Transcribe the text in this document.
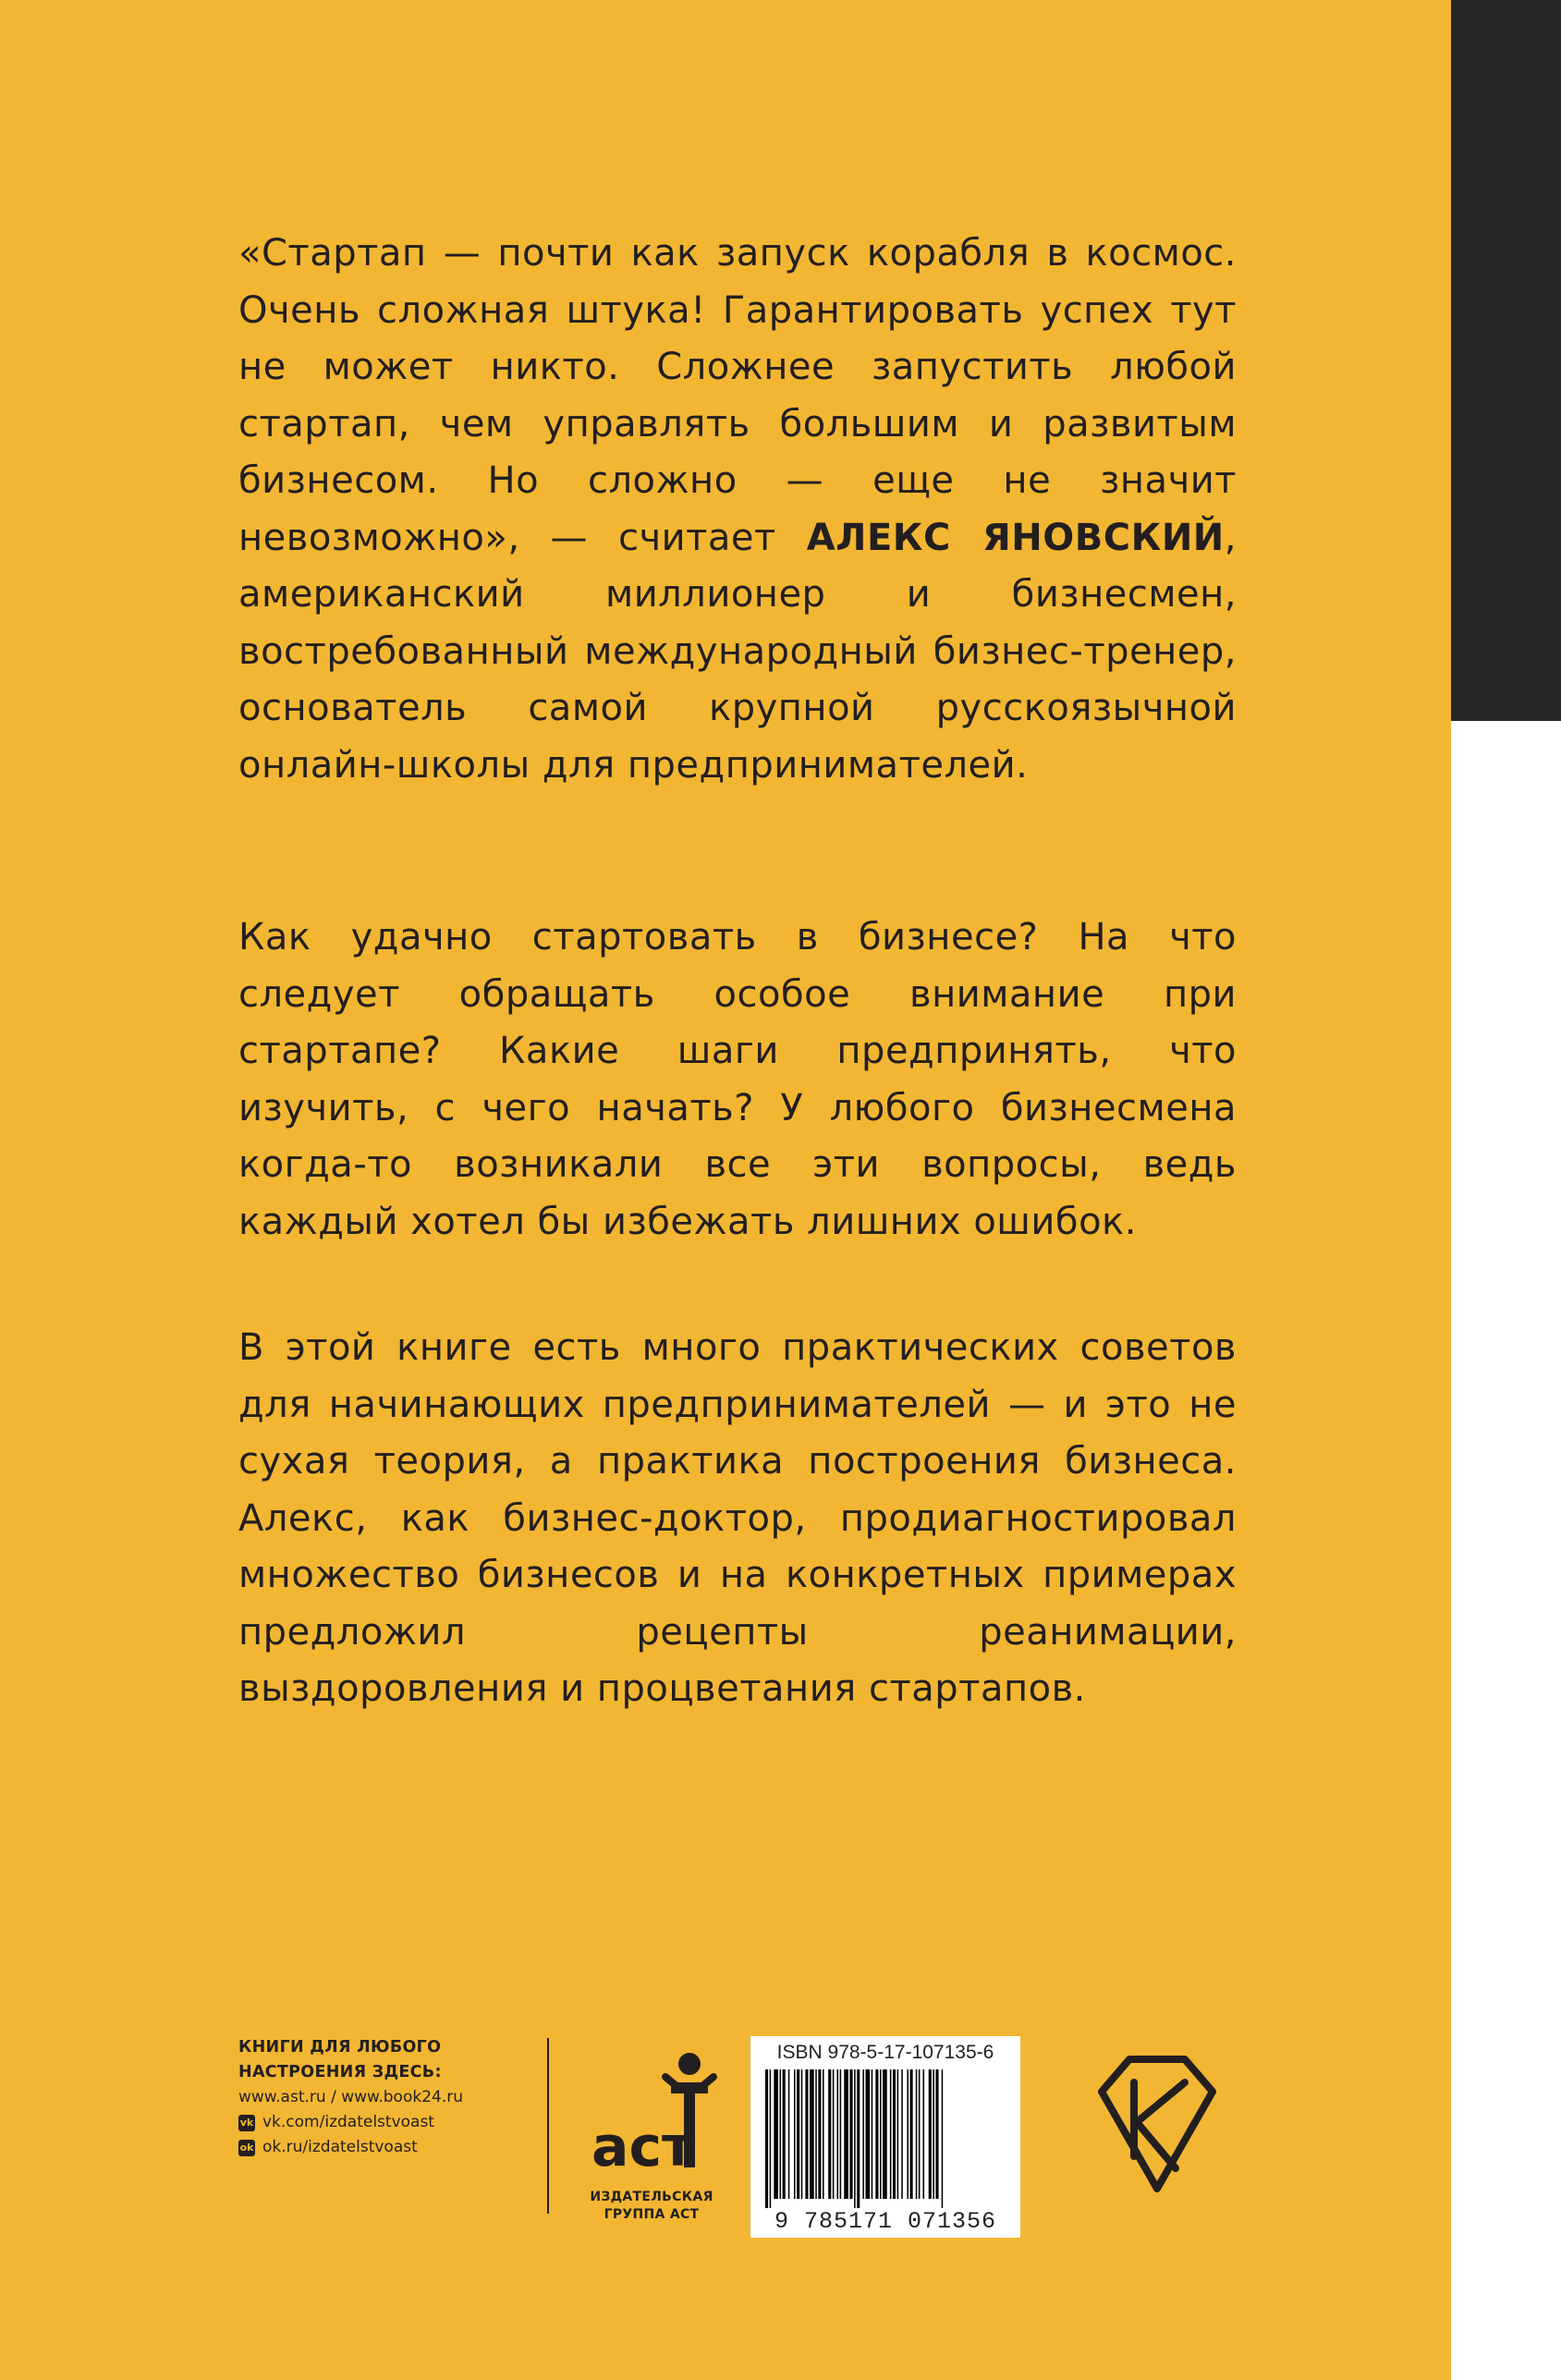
«Стартап — почти как запуск корабля в космос. Очень сложная штука! Гарантировать успех тут не может никто. Сложнее запустить любой стартап, чем управлять большим и развитым бизнесом. Но сложно — еще не значит невозможно», — считает АЛЕКС ЯНОВСКИЙ, американский миллионер и бизнесмен, востребованный международный бизнес-тренер, основатель самой крупной русскоязычной онлайн-школы для предпринимателей.

Как удачно стартовать в бизнесе? На что следует обращать особое внимание при стартапе? Какие шаги предпринять, что изучить, с чего начать? У любого бизнесмена когда-то возникали все эти вопросы, ведь каждый хотел бы избежать лишних ошибок.

В этой книге есть много практических советов для начинающих предпринимателей — и это не сухая теория, а практика построения бизнеса. Алекс, как бизнес-доктор, продиагностировал множество бизнесов и на конкретных примерах предложил рецепты реанимации, выздоровления и процветания стартапов.

КНИГИ ДЛЯ ЛЮБОГО
НАСТРОЕНИЯ ЗДЕСЬ:
www.ast.ru / www.book24.ru
vk vk.com/izdatelstvoast
ok ok.ru/izdatelstvoast	аст
ИЗДАТЕЛЬСКАЯ
ГРУППА АСТ
ISBN 978-5-17-107135-6
9 785171 071356
